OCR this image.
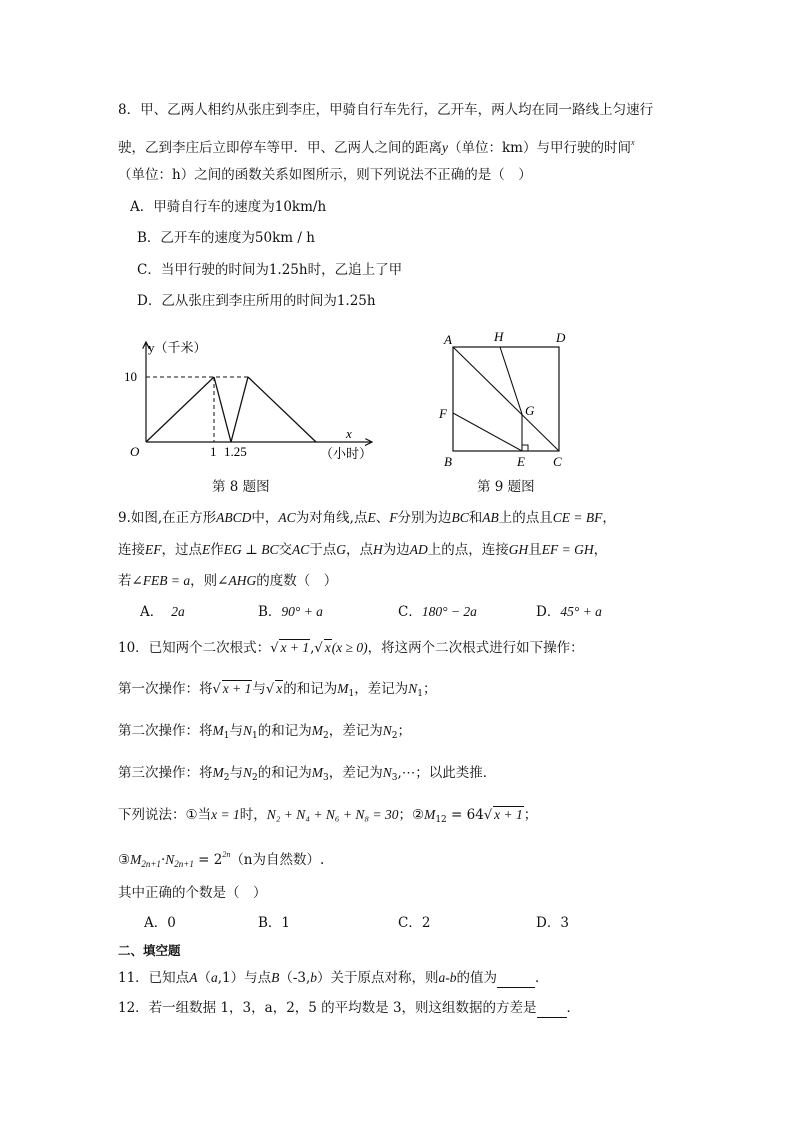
8．甲、乙两人相约从张庄到李庄，甲骑自行车先行，乙开车，两人均在同一路线上匀速行
驶，乙到李庄后立即停车等甲．甲、乙两人之间的距离y（单位：km）与甲行驶的时间$^x$
（单位：h）之间的函数关系如图所示，则下列说法不正确的是（　）
A．甲骑自行车的速度为10km/h
B．乙开车的速度为50km / h
C．当甲行驶的时间为1.25h时，乙追上了甲
D．乙从张庄到李庄所用的时间为1.25h
y（千米）
x
（小时）
O
10
1 1.25
第 8 题图
A	H	D
F	G
B	E C
第 9 题图
9.如图,在正方形ABCD中，AC为对角线,点E、F分别为边BC和AB上的点且CE = BF，
连接EF，过点E作EG ⊥ BC交AC于点G，点H为边AD上的点，连接GH且EF = GH，
若∠FEB = a，则∠AHG的度数（　）
A． 2a	B．90° + a	C．180° − 2a	D．45° + a
10．已知两个二次根式：√ x + 1,√ x(x ≥ 0)，将这两个二次根式进行如下操作：
第一次操作：将√ x + 1与√ x的和记为$M_1$，差记为$N_1$；
第二次操作：将$M_1$与$N_1$的和记为$M_2$，差记为$N_2$；
第三次操作：将$M_2$与$N_2$的和记为$M_3$，差记为$N_3,\cdots$；以此类推．
下列说法：①当x = 1时，N₂ + N₄ + N₆ + N₈ = 30；$②M_{12} = 64√$ x + 1；
$③M_{2n+1}\cdot N_{2n+1} = 2^{2n}(n$为自然数）.
其中正确的个数是（　）
A．0	B．1	C．2	D．3
二、填空题
11．已知点A（a,1）与点B（-3,b）关于原点对称，则a-b的值为	．
12．若一组数据 1，3，a，2，5 的平均数是 3，则这组数据的方差是 ．
